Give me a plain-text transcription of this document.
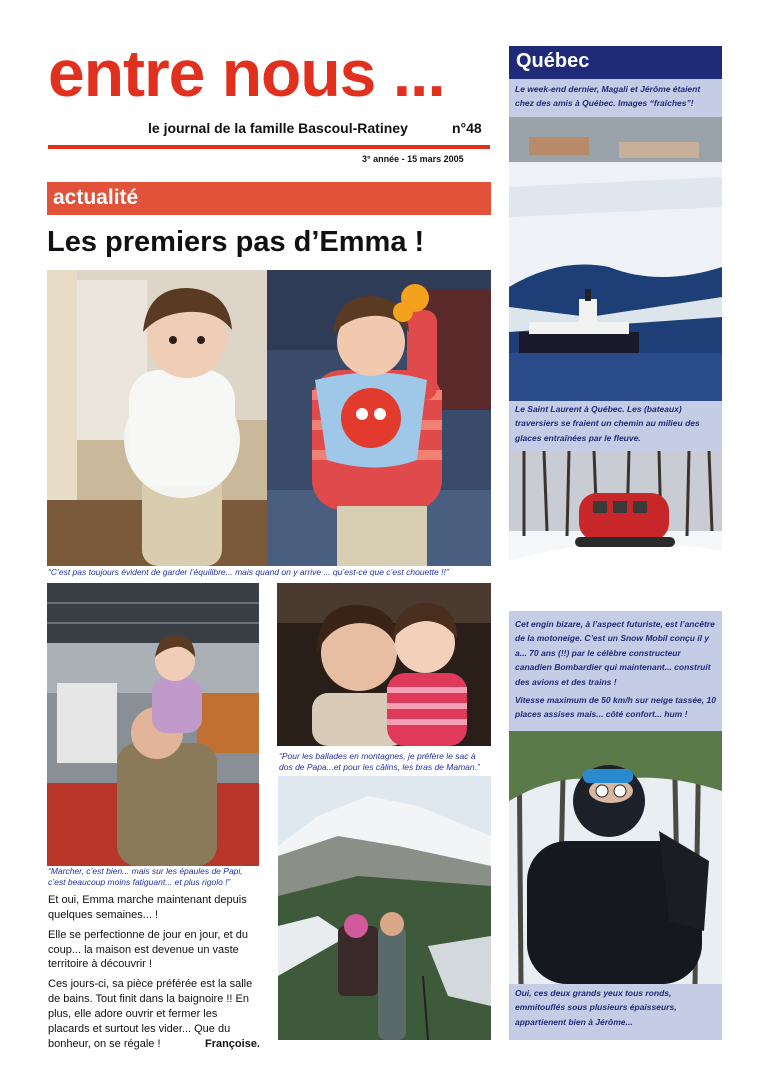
entre nous ...
le journal de la famille Bascoul-Ratiney	n°48
3° année - 15 mars 2005
actualité
Les premiers pas d’Emma !
“C’est pas toujours évident de garder l’équilibre... mais quand on y arrive ... qu’est-ce que c’est chouette !!”
“Marcher, c’est bien... mais sur les épaules de Papi, c’est beaucoup moins fatiguant... et plus rigolo !”
“Pour les ballades en montagnes, je préfère le sac à dos de Papa...et pour les câlins, les bras de Maman.”

Et oui, Emma marche maintenant depuis quelques semaines... !

Elle se perfectionne de jour en jour, et du coup... la maison est devenue un vaste territoire à découvrir !

Ces jours-ci, sa pièce préférée est la salle de bains. Tout finit dans la baignoire !! En plus, elle adore ouvrir et fermer les placards et surtout les vider... Que du bonheur, on se régale !	Françoise.

Québec
Le week-end dernier, Magali et Jérôme étaient chez des amis à Québec. Images “fraîches”!
Le Saint Laurent à Québec. Les (bateaux) traversiers se fraient un chemin au milieu des glaces entraînées par le fleuve.
Cet engin bizare, à l’aspect futuriste, est l’ancêtre de la motoneige. C’est un Snow Mobil conçu il y a... 70 ans (!!) par le célèbre constructeur canadien Bombardier qui maintenant... construit des avions et des trains !
Vitesse maximum de 50 km/h sur neige tassée, 10 places assises mais... côté confort... hum !
Oui, ces deux grands yeux tous ronds, emmitouflés sous plusieurs épaisseurs, appartienent bien à Jérôme...
